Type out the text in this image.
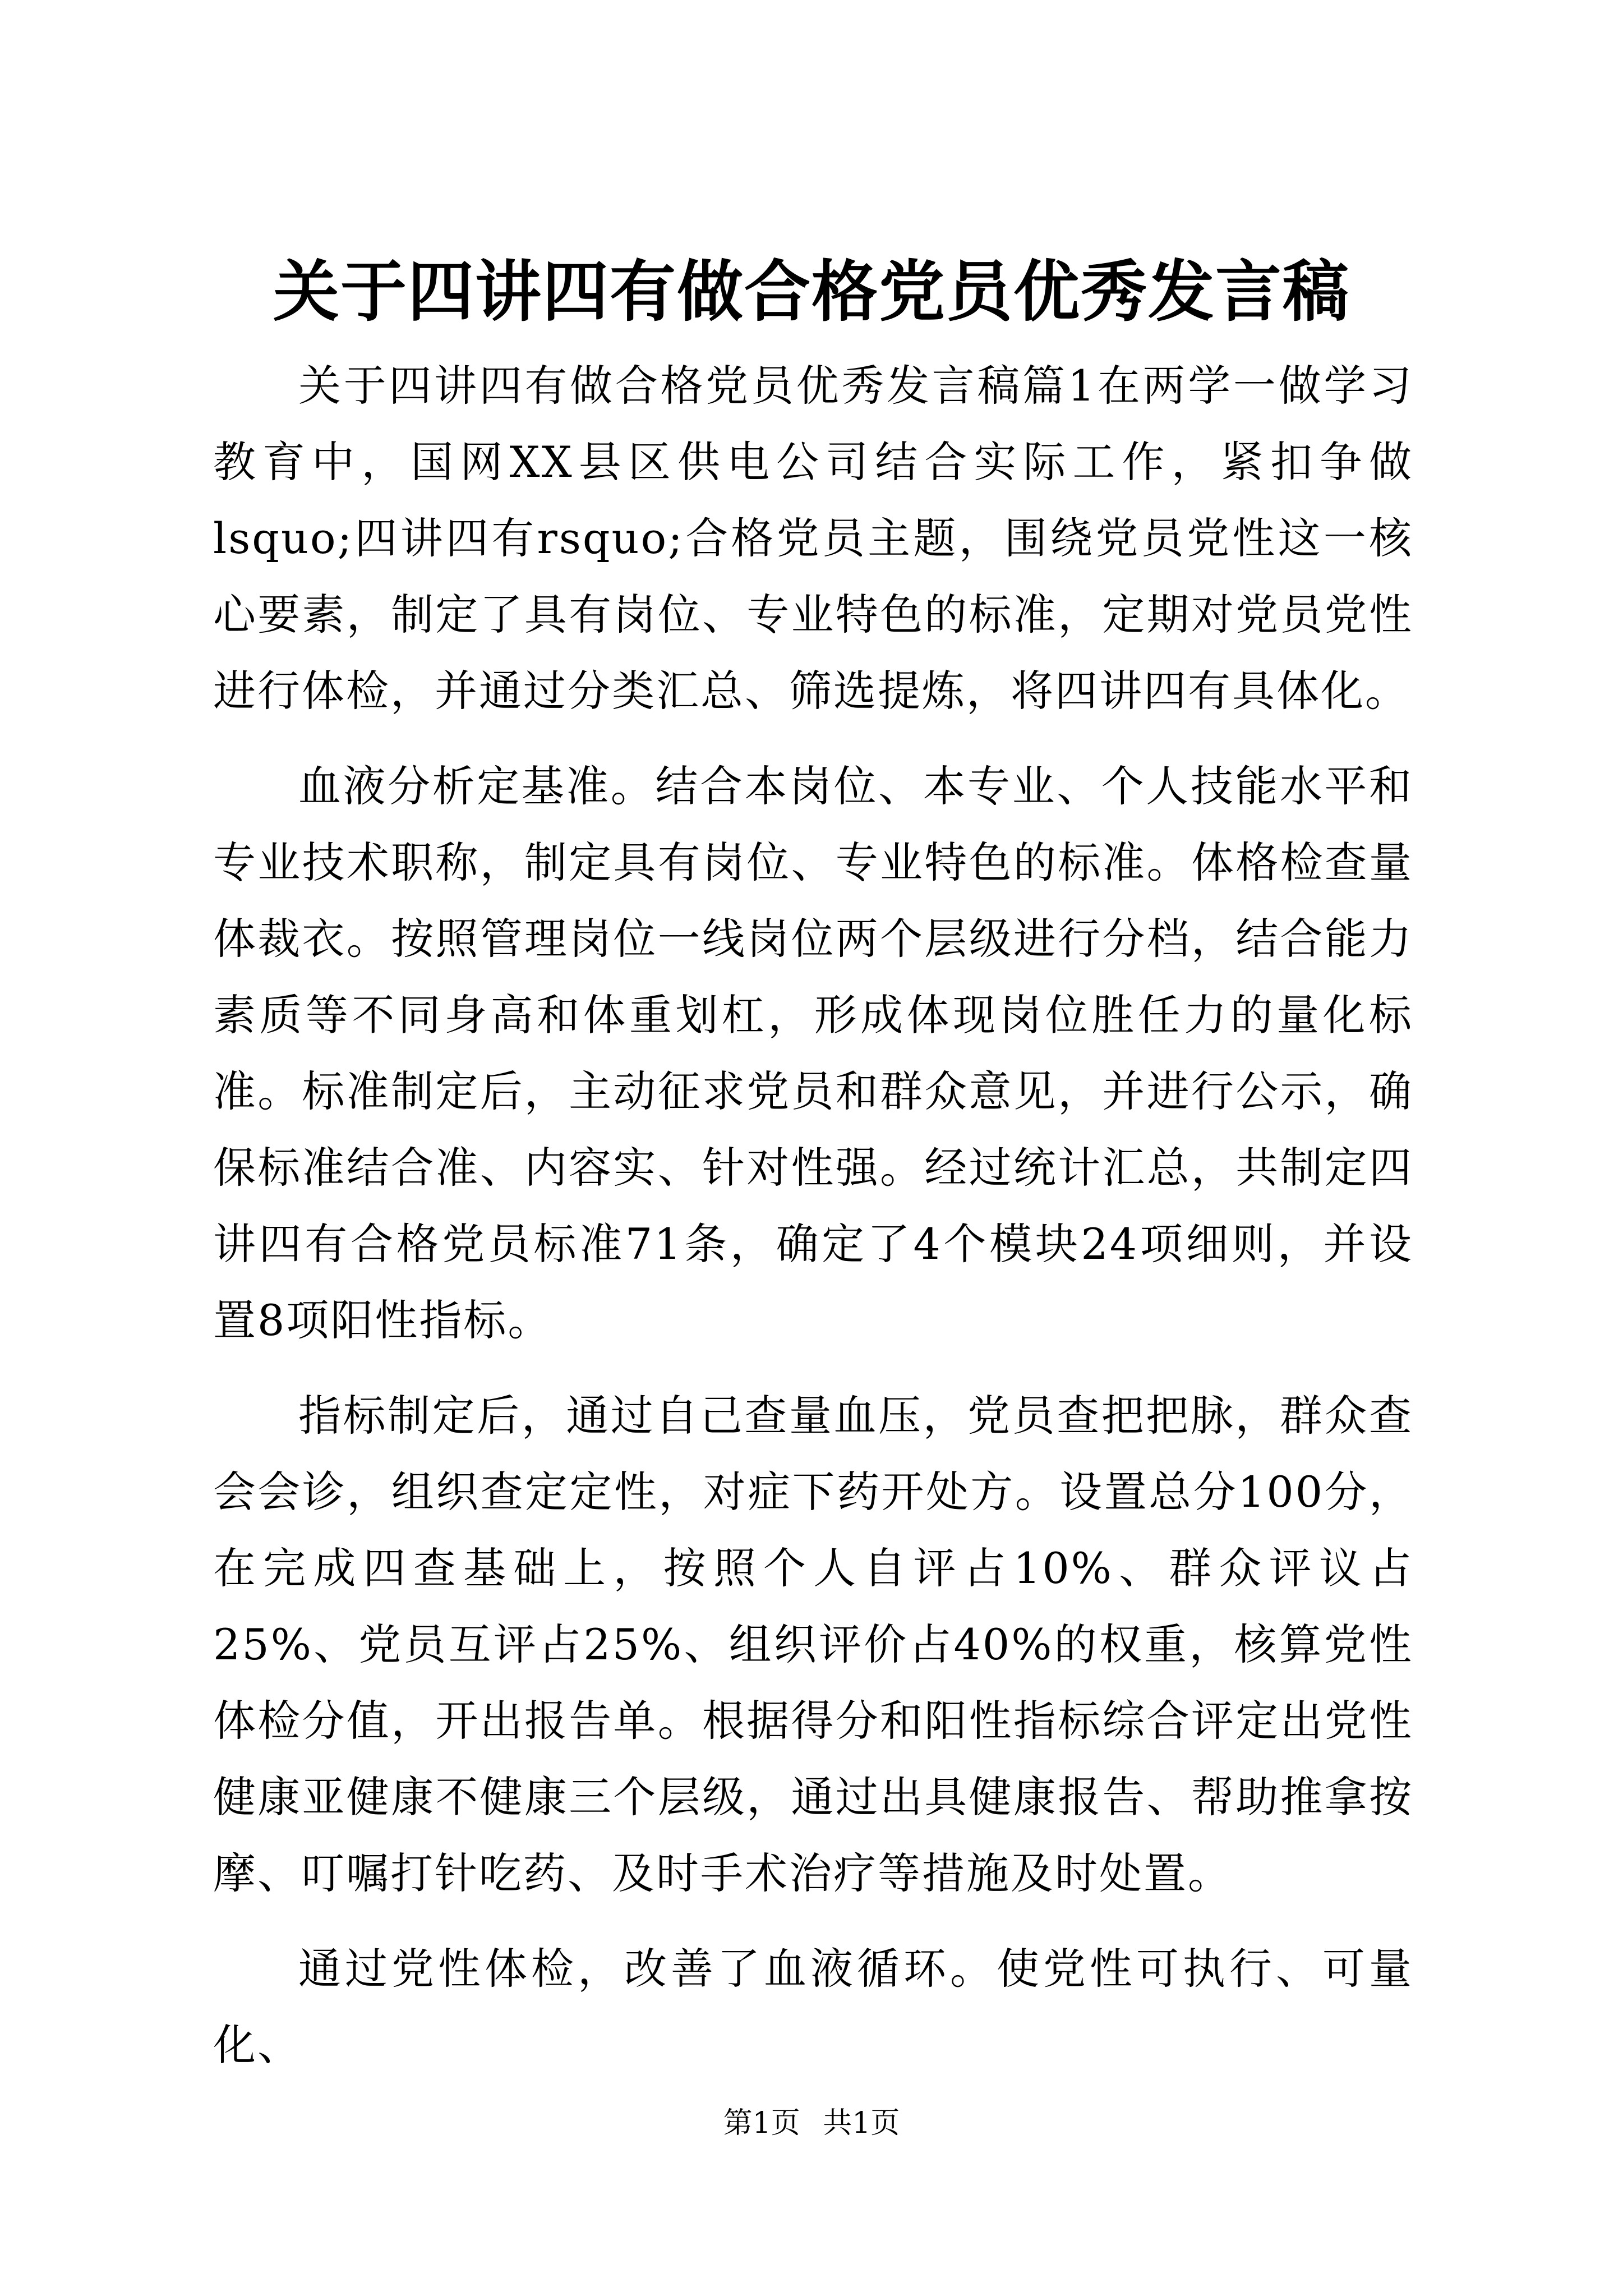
关于四讲四有做合格党员优秀发言稿

关于四讲四有做合格党员优秀发言稿篇1在两学一做学习教育中，国网XX县区供电公司结合实际工作，紧扣争做lsquo;四讲四有rsquo;合格党员主题，围绕党员党性这一核心要素，制定了具有岗位、专业特色的标准，定期对党员党性进行体检，并通过分类汇总、筛选提炼，将四讲四有具体化。

血液分析定基准。结合本岗位、本专业、个人技能水平和专业技术职称，制定具有岗位、专业特色的标准。体格检查量体裁衣。按照管理岗位一线岗位两个层级进行分档，结合能力素质等不同身高和体重划杠，形成体现岗位胜任力的量化标准。标准制定后，主动征求党员和群众意见，并进行公示，确保标准结合准、内容实、针对性强。经过统计汇总，共制定四讲四有合格党员标准71条，确定了4个模块24项细则，并设置8项阳性指标。

指标制定后，通过自己查量血压，党员查把把脉，群众查会会诊，组织查定定性，对症下药开处方。设置总分100分，在完成四查基础上，按照个人自评占10%、群众评议占25%、党员互评占25%、组织评价占40%的权重，核算党性体检分值，开出报告单。根据得分和阳性指标综合评定出党性健康亚健康不健康三个层级，通过出具健康报告、帮助推拿按摩、叮嘱打针吃药、及时手术治疗等措施及时处置。

通过党性体检，改善了血液循环。使党性可执行、可量化、

第1页 共1页
